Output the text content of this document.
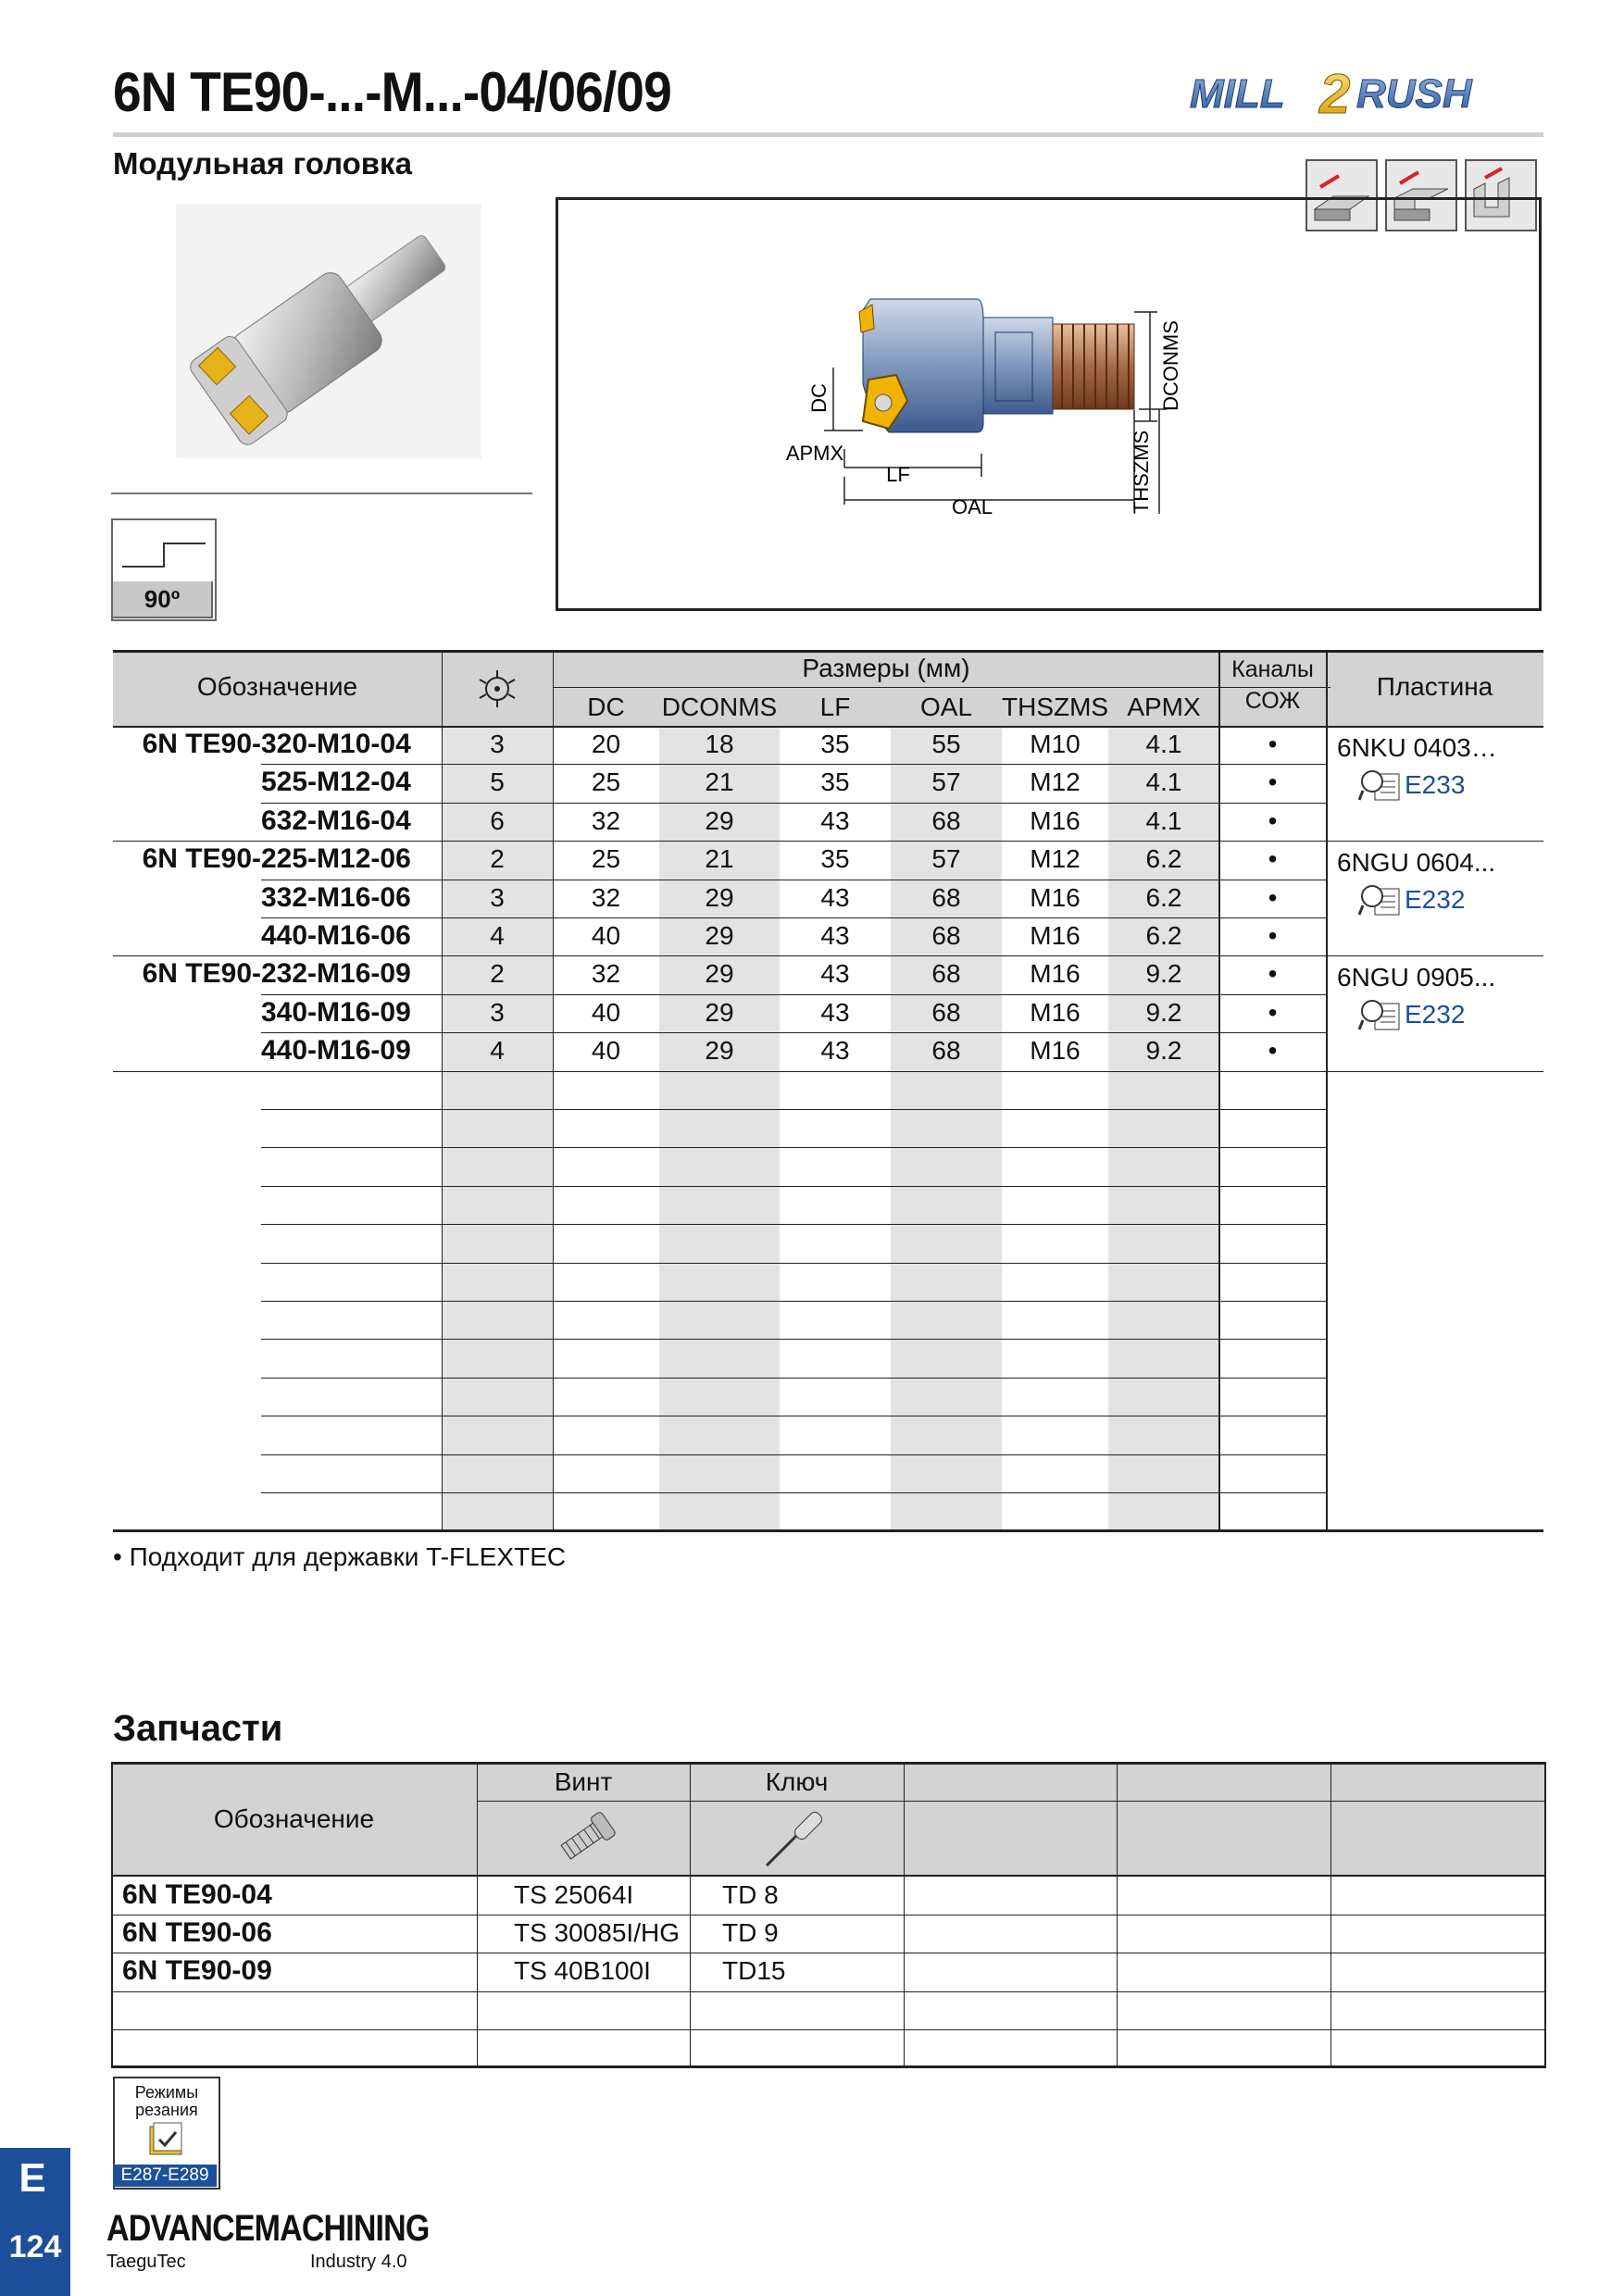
6N TE90-...-M...-04/06/09
Модульная головка
MILL 2 RUSH
90º
DC
APMX
LF
OAL
DCONMS
THSZMS
Обозначение
Размеры (мм)	Каналы СОЖ	Пластина
DC	DCONMS	LF	OAL	THSZMS APMX
6N TE90- 320-M10-04	3	20	18	35	55	M10	4.1	•
525-M12-04	5	25	21	35	57	M12	4.1	•
632-M16-04	6	32	29	43	68	M16	4.1	•
6NKU 0403…
E233
6N TE90- 225-M12-06	2	25	21	35	57	M12	6.2	•
332-M16-06	3	32	29	43	68	M16	6.2	•
440-M16-06	4	40	29	43	68	M16	6.2	•
6NGU 0604...
E232
6N TE90- 232-M16-09	2	32	29	43	68	M16	9.2	•
340-M16-09	3	40	29	43	68	M16	9.2	•
440-M16-09	4	40	29	43	68	M16	9.2	•
6NGU 0905...
E232
• Подходит для державки T-FLEXTEC
Запчасти
Обозначение
Винт	Ключ
6N TE90-04	TS 25064I	TD 8
6N TE90-06	TS 30085I/HG	TD 9
6N TE90-09	TS 40B100I	TD15
Режимы резания
E287-E289
E
124 ADVANCEMACHINING
TaeguTec	Industry 4.0
